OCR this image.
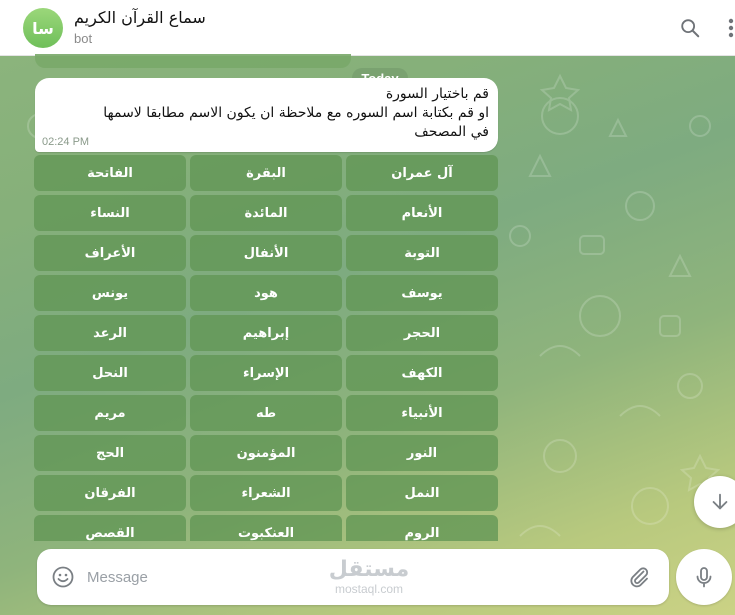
سا
سماع القرآن الكريم
bot
قم باختيار السورة
او قم بكتابة اسم السوره مع ملاحظة ان يكون الاسم مطابقا لاسمها
في المصحف
02:24 PM
آل عمران
البقرة
الفاتحة
الأنعام
المائدة
النساء
التوبة
الأنفال
الأعراف
يوسف
هود
يونس
الحجر
إبراهيم
الرعد
الكهف
الإسراء
النحل
الأنبياء
طه
مريم
النور
المؤمنون
الحج
النمل
الشعراء
الفرقان
الروم
العنكبوت
القصص
Message
مستقل
mostaql.com
